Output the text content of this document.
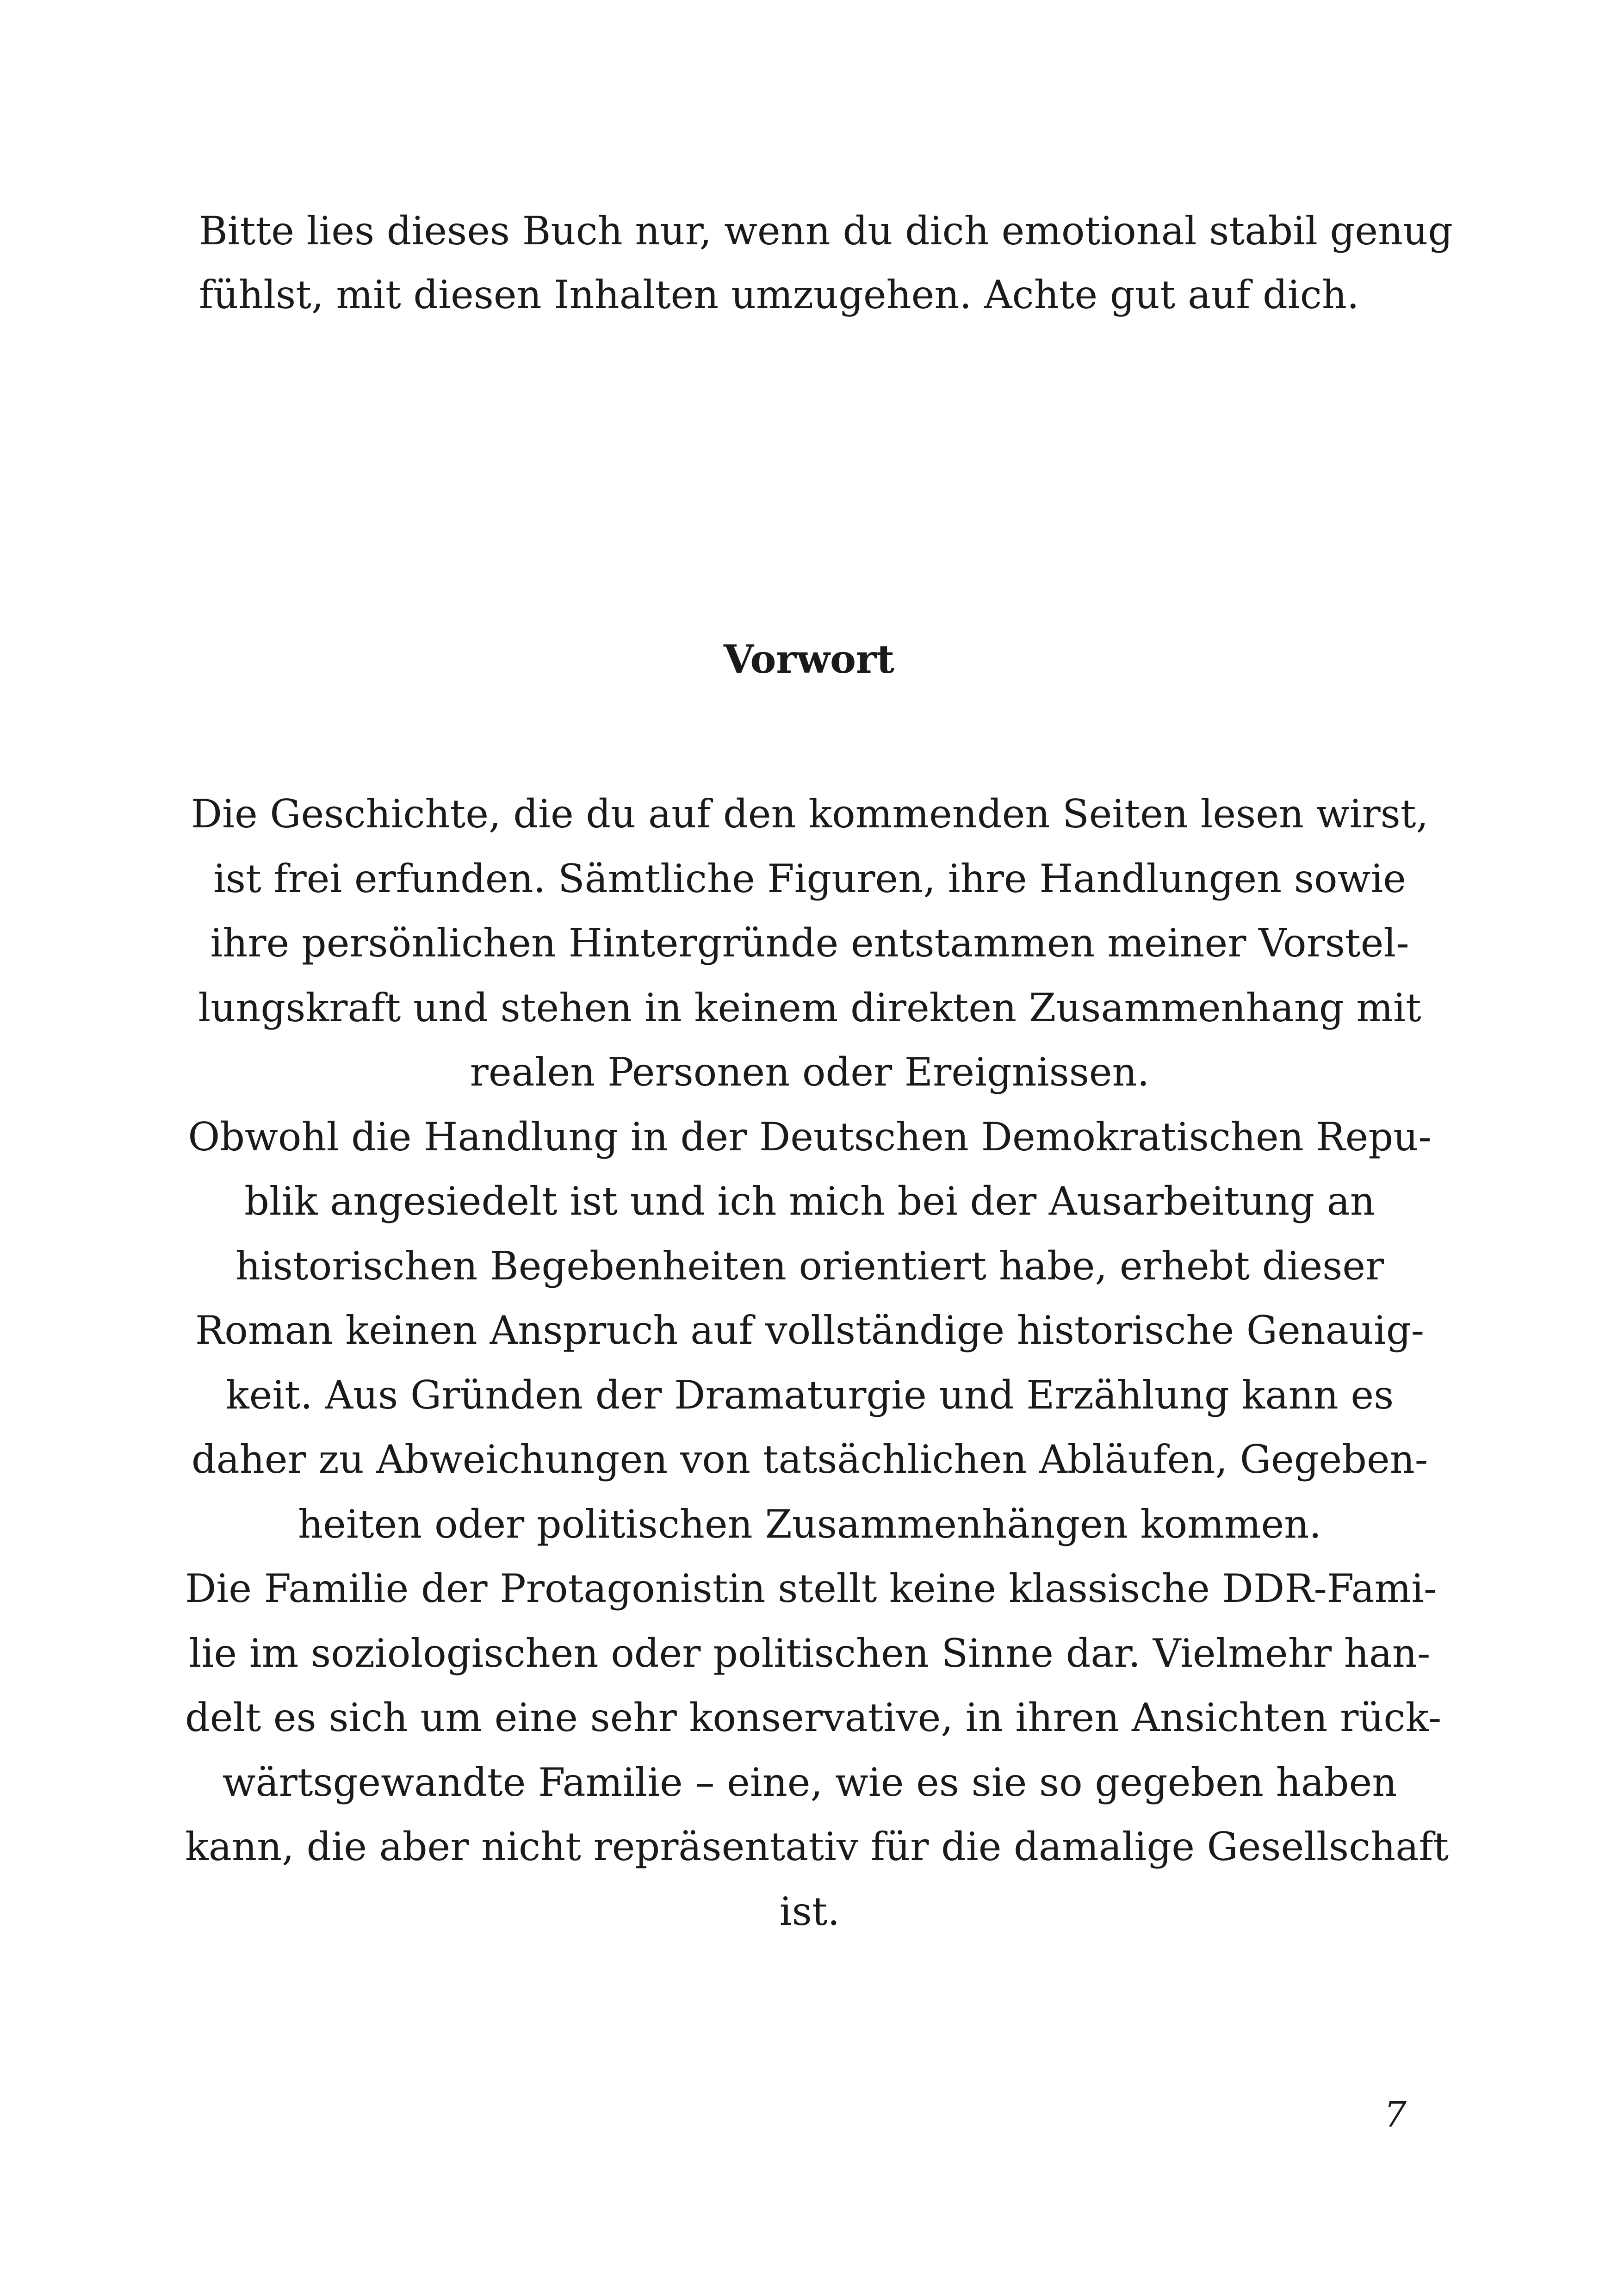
Bitte lies dieses Buch nur, wenn du dich emotional stabil genug
fühlst, mit diesen Inhalten umzugehen. Achte gut auf dich.

Vorwort

Die Geschichte, die du auf den kommenden Seiten lesen wirst,
ist frei erfunden. Sämtliche Figuren, ihre Handlungen sowie
ihre persönlichen Hintergründe entstammen meiner Vorstel-
lungskraft und stehen in keinem direkten Zusammenhang mit
realen Personen oder Ereignissen.
Obwohl die Handlung in der Deutschen Demokratischen Repu-
blik angesiedelt ist und ich mich bei der Ausarbeitung an
historischen Begebenheiten orientiert habe, erhebt dieser
Roman keinen Anspruch auf vollständige historische Genauig-
keit. Aus Gründen der Dramaturgie und Erzählung kann es
daher zu Abweichungen von tatsächlichen Abläufen, Gegeben-
heiten oder politischen Zusammenhängen kommen.
Die Familie der Protagonistin stellt keine klassische DDR-Fami-
lie im soziologischen oder politischen Sinne dar. Vielmehr han-
delt es sich um eine sehr konservative, in ihren Ansichten rück-
wärtsgewandte Familie – eine, wie es sie so gegeben haben
kann, die aber nicht repräsentativ für die damalige Gesellschaft
ist.

7
